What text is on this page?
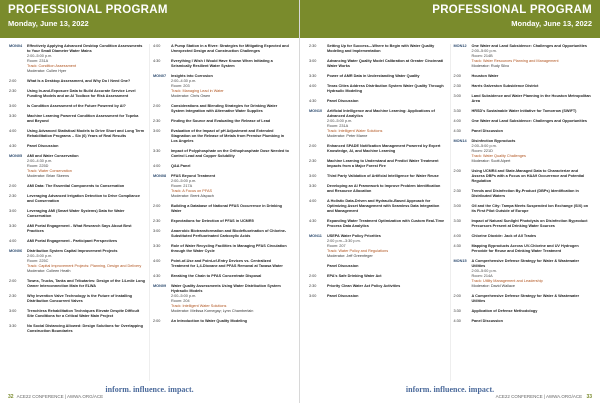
PROFESSIONAL PROGRAM
Monday, June 13, 2022
MON04	Effectively Applying Advanced Desktop Condition Assessments to Your Small Diameter Water Mains
2:00–5:00 p.m.
Room: 231A
Track: Condition Assessment
Moderator: Cullen Hyer
2:00	What Is a Desktop Assessment, and Why Do I Need One?
2:30	Using In-and-Exposure Data to Build Accurate Service Level Funding Models and an AI Toolbox for Risk Assessment
3:00	Is Condition Assessment of the Future Powered by AI?
3:30	Machine Learning Powered Condition Assessment for Topeka and Beyond
4:00	Using Advanced Statistical Models to Drive Short and Long Term Rehabilitation Programs – Six (6) Years of Real Results
4:30	Panel Discussion
MON05	AMI and Water Conservation
2:00–4:30 p.m.
Room: 225D
Track: Water Conservation
Moderator: Brian Skeens
2:00	AMI Data: The Essential Components to Conservation
2:30	Leveraging Advanced Irrigation Detection to Drive Compliance and Conservation
3:00	Leveraging AMI (Smart Water Systems) Data for Water Conservation
3:30	AMI Portal Engagement - What Research Says About Best Practices
4:00	AMI Portal Engagement - Participant Perspectives
MON06	Distribution System Capital Improvement Projects
2:00–5:00 p.m.
Room: 225C
Track: Capital Improvement Projects: Planning, Design and Delivery
Moderator: Colleen Heath
2:00	Towns, Trucks, Tanks and Tributaries: Design of the 14-mile Long Owner Interconnection Main for ELWA
2:30	Why Invention Valve Technology is the Future of Installing Distribution Concurrent Valves
3:00	Trenchless Rehabilitation Techniques Elevate Despite Difficult Site Conditions for a Critical Water Main Project
3:30	No Social Distancing Allowed: Design Solutions for Overlapping Construction Boundaries
4:00	A Pump Station in a River: Strategies for Mitigating Expected and Unexpected Design and Construction Challenges
4:30	Everything I Wish I Would Have Known When Initiating a Seismically Resilient Water System
MON07	Insights into Corrosion
2:00–4:30 p.m.
Room: 203
Track: Managing Lead in Water
Moderator: Chris Owen
2:00	Considerations and Blending Strategies for Drinking Water System Integration with Alternative Water Supplies
2:30	Finding the Source and Evaluating the Release of Lead
3:00	Evaluation of the Impact of pH Adjustment and Extended Stagnation on the Release of Metals from Premise Plumbing in Los Angeles
3:30	Impact of Polyphosphate on the Orthophosphate Dose Needed to Control Lead and Copper Solubility
4:00	Q&A Panel
MON08	PFAS Beyond Treatment
2:00–5:00 p.m.
Room: 217A
Track: A Focus on PFAS
Moderator: Brent Alspach
2:00	Building a Database of National PFAS Occurrence in Drinking Water
2:30	Expectations for Detection of PFAS in UCMR5
3:00	Anaerobic Biotransformation and Biodefluorination of Chlorine-Substituted Perfluorinated Carboxylic Acids
3:30	Role of Water Recycling Facilities in Managing PFAS Circulation through the Water Cycle
4:00	Point-of-Use and Point-of-Entry Devices vs. Centralized Treatment for 1,4-Dioxane and PFAS Removal at Taxasa Water
4:30	Breaking the Chain to PFAS Concentrate Disposal
MON09	Water Quality Assessments Using Water Distribution System Hydraulic Models
2:00–5:00 p.m.
Room: 204
Track: Intelligent Water Solutions
Moderator: Melissa Kornegay; Lynn Chamberlain
2:00	An Introduction to Water Quality Modeling
inform. influence. impact.
32 ACE22 CONFERENCE | AWWA.ORG/ACE
PROFESSIONAL PROGRAM
Monday, June 13, 2022
2:30	Setting Up for Success—Where to Begin with Water Quality Modeling and Implementation
3:00	Advancing Water Quality Model Calibration at Greater Cincinnati Water Works
3:30	Power of AMR Data in Understanding Water Quality
4:00	Texas Cities Address Distribution System Water Quality Through Hydraulic Modeling
4:30	Panel Discussion
MON10	Artificial Intelligence and Machine Learning: Applications of Advanced Analytics
2:00–5:00 p.m.
Room: 231A
Track: Intelligent Water Solutions
Moderator: Peter Marne
2:00	Enhanced SPADE Notification Management Powered by Expert Knowledge, AI, and Machine Learning
2:30	Machine Learning to Understand and Predict Water Treatment Impacts from a Major Forest Fire
3:00	Third Party Validation of Artificial Intelligence for Water Reuse
3:30	Developing an AI Framework to Improve Problem Identification and Resource Allocation
4:00	A Holistic Data-Driven and Hydraulic-Based Approach for Optimizing Asset Management with Seamless Data Integration and Management
4:30	Expanding Water Treatment Optimization with Custom Real-Time Process Data Analytics
MON11	USEPA Water Policy Priorities
2:00 p.m.–3:30 p.m.
Room: 207
Track: Water Policy and Regulations
Moderator: Jeff Greenfeger
Panel Discussion
2:00	EPA's Safe Drinking Water Act
2:30	Priority Clean Water Act Policy Activities
3:00	Panel Discussion
MON12	One Water and Land Subsidence: Challenges and Opportunities
2:00–5:00 p.m.
Room: 214B
Track: Water Resources Planning and Management
Moderator: Rudy Silvo
2:00	Houston Water
2:30	Harris Galveston Subsidence District
3:00	Land Subsidence and Water Planning in the Houston Metropolitan Area
3:30	HRSD's Sustainable Water Initiative for Tomorrow (SWIFT)
4:00	One Water and Land Subsidence: Challenges and Opportunities
4:30	Panel Discussion
MON14	Disinfection Byproducts
2:00–5:00 p.m.
Room: 221D
Track: Water Quality Challenges
Moderator: Scott Alpert
2:00	Using UCMR4 and State-Managed Data to Characterize and Assess DBPs with a Focus on HAA9 Occurrence and Potential Regulation
2:30	Trends and Disinfection By-Product (DBPs) Identification in Distributed Waters
3:00	Oil and the City: Tampa Meets Suspended Ion Exchange (SIX) on its First Pilot Outside of Europe
3:30	Impact of Natural Sunlight Photolysis on Disinfection Byproduct Precursors Present at Drinking Water Sources
4:00	Chlorine Dioxide: Jack of All Trades
4:30	Mapping Byproducts Across UV-Chlorine and UV Hydrogen Peroxide for Reuse and Drinking Water Treatment
MON15	A Comprehensive Defense Strategy for Water & Wastewater Utilities
2:00–5:00 p.m.
Room: 214A
Track: Utility Management and Leadership
Moderator: David Wallace
2:00	A Comprehensive Defense Strategy for Water & Wastewater Utilities
3:30	Application of Defense Methodology
4:30	Panel Discussion
inform. influence. impact.
ACE22 CONFERENCE | AWWA.ORG/ACE 33
